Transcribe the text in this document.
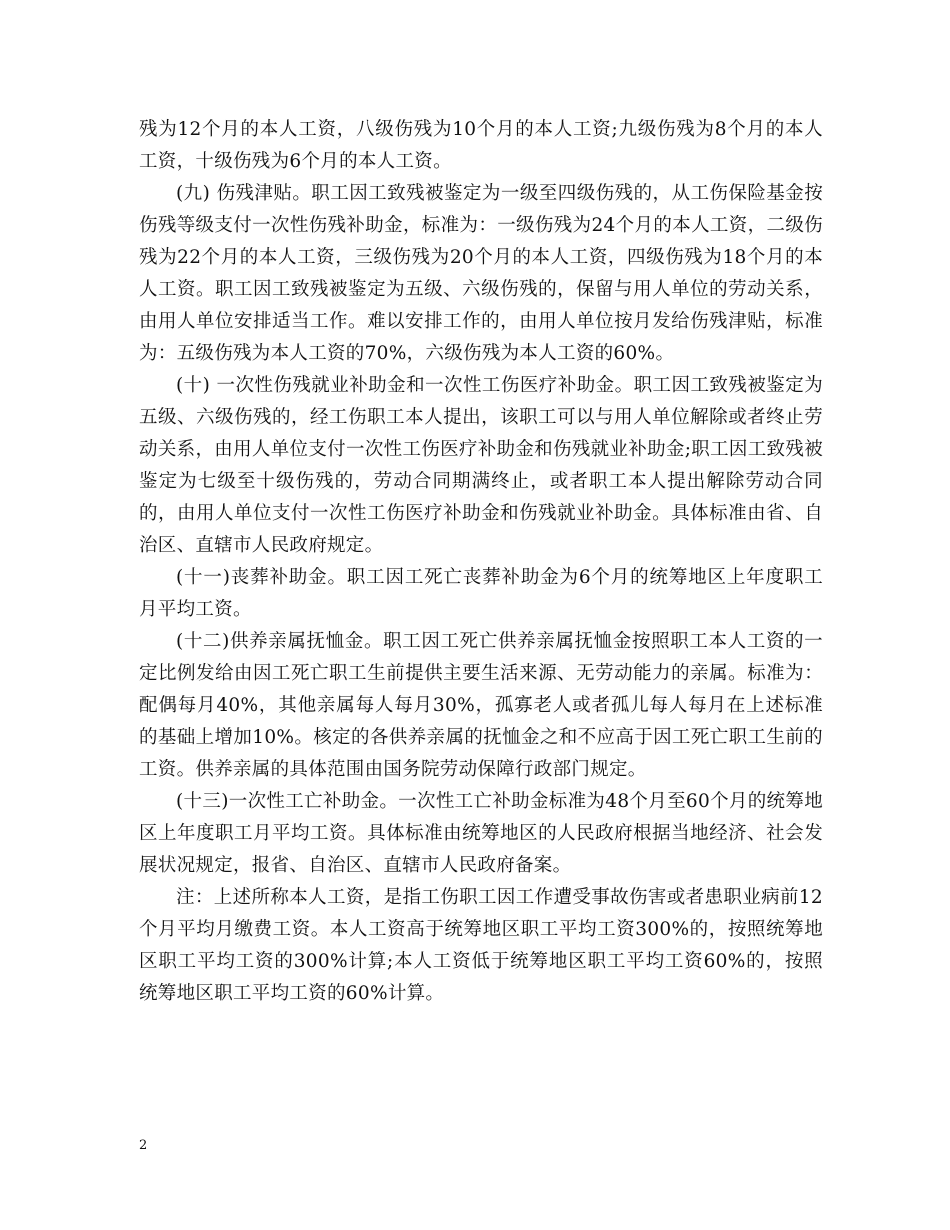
残为12个月的本人工资，八级伤残为10个月的本人工资;九级伤残为8个月的本人工资，十级伤残为6个月的本人工资。

(九) 伤残津贴。职工因工致残被鉴定为一级至四级伤残的，从工伤保险基金按伤残等级支付一次性伤残补助金，标准为：一级伤残为24个月的本人工资，二级伤残为22个月的本人工资，三级伤残为20个月的本人工资，四级伤残为18个月的本人工资。职工因工致残被鉴定为五级、六级伤残的，保留与用人单位的劳动关系，由用人单位安排适当工作。难以安排工作的，由用人单位按月发给伤残津贴，标准为：五级伤残为本人工资的70%，六级伤残为本人工资的60%。

(十) 一次性伤残就业补助金和一次性工伤医疗补助金。职工因工致残被鉴定为五级、六级伤残的，经工伤职工本人提出，该职工可以与用人单位解除或者终止劳动关系，由用人单位支付一次性工伤医疗补助金和伤残就业补助金;职工因工致残被鉴定为七级至十级伤残的，劳动合同期满终止，或者职工本人提出解除劳动合同的，由用人单位支付一次性工伤医疗补助金和伤残就业补助金。具体标准由省、自治区、直辖市人民政府规定。

(十一)丧葬补助金。职工因工死亡丧葬补助金为6个月的统筹地区上年度职工月平均工资。

(十二)供养亲属抚恤金。职工因工死亡供养亲属抚恤金按照职工本人工资的一定比例发给由因工死亡职工生前提供主要生活来源、无劳动能力的亲属。标准为：配偶每月40%，其他亲属每人每月30%，孤寡老人或者孤儿每人每月在上述标准的基础上增加10%。核定的各供养亲属的抚恤金之和不应高于因工死亡职工生前的工资。供养亲属的具体范围由国务院劳动保障行政部门规定。

(十三)一次性工亡补助金。一次性工亡补助金标准为48个月至60个月的统筹地区上年度职工月平均工资。具体标准由统筹地区的人民政府根据当地经济、社会发展状况规定，报省、自治区、直辖市人民政府备案。

注：上述所称本人工资，是指工伤职工因工作遭受事故伤害或者患职业病前12个月平均月缴费工资。本人工资高于统筹地区职工平均工资300%的，按照统筹地区职工平均工资的300%计算;本人工资低于统筹地区职工平均工资60%的，按照统筹地区职工平均工资的60%计算。

2
